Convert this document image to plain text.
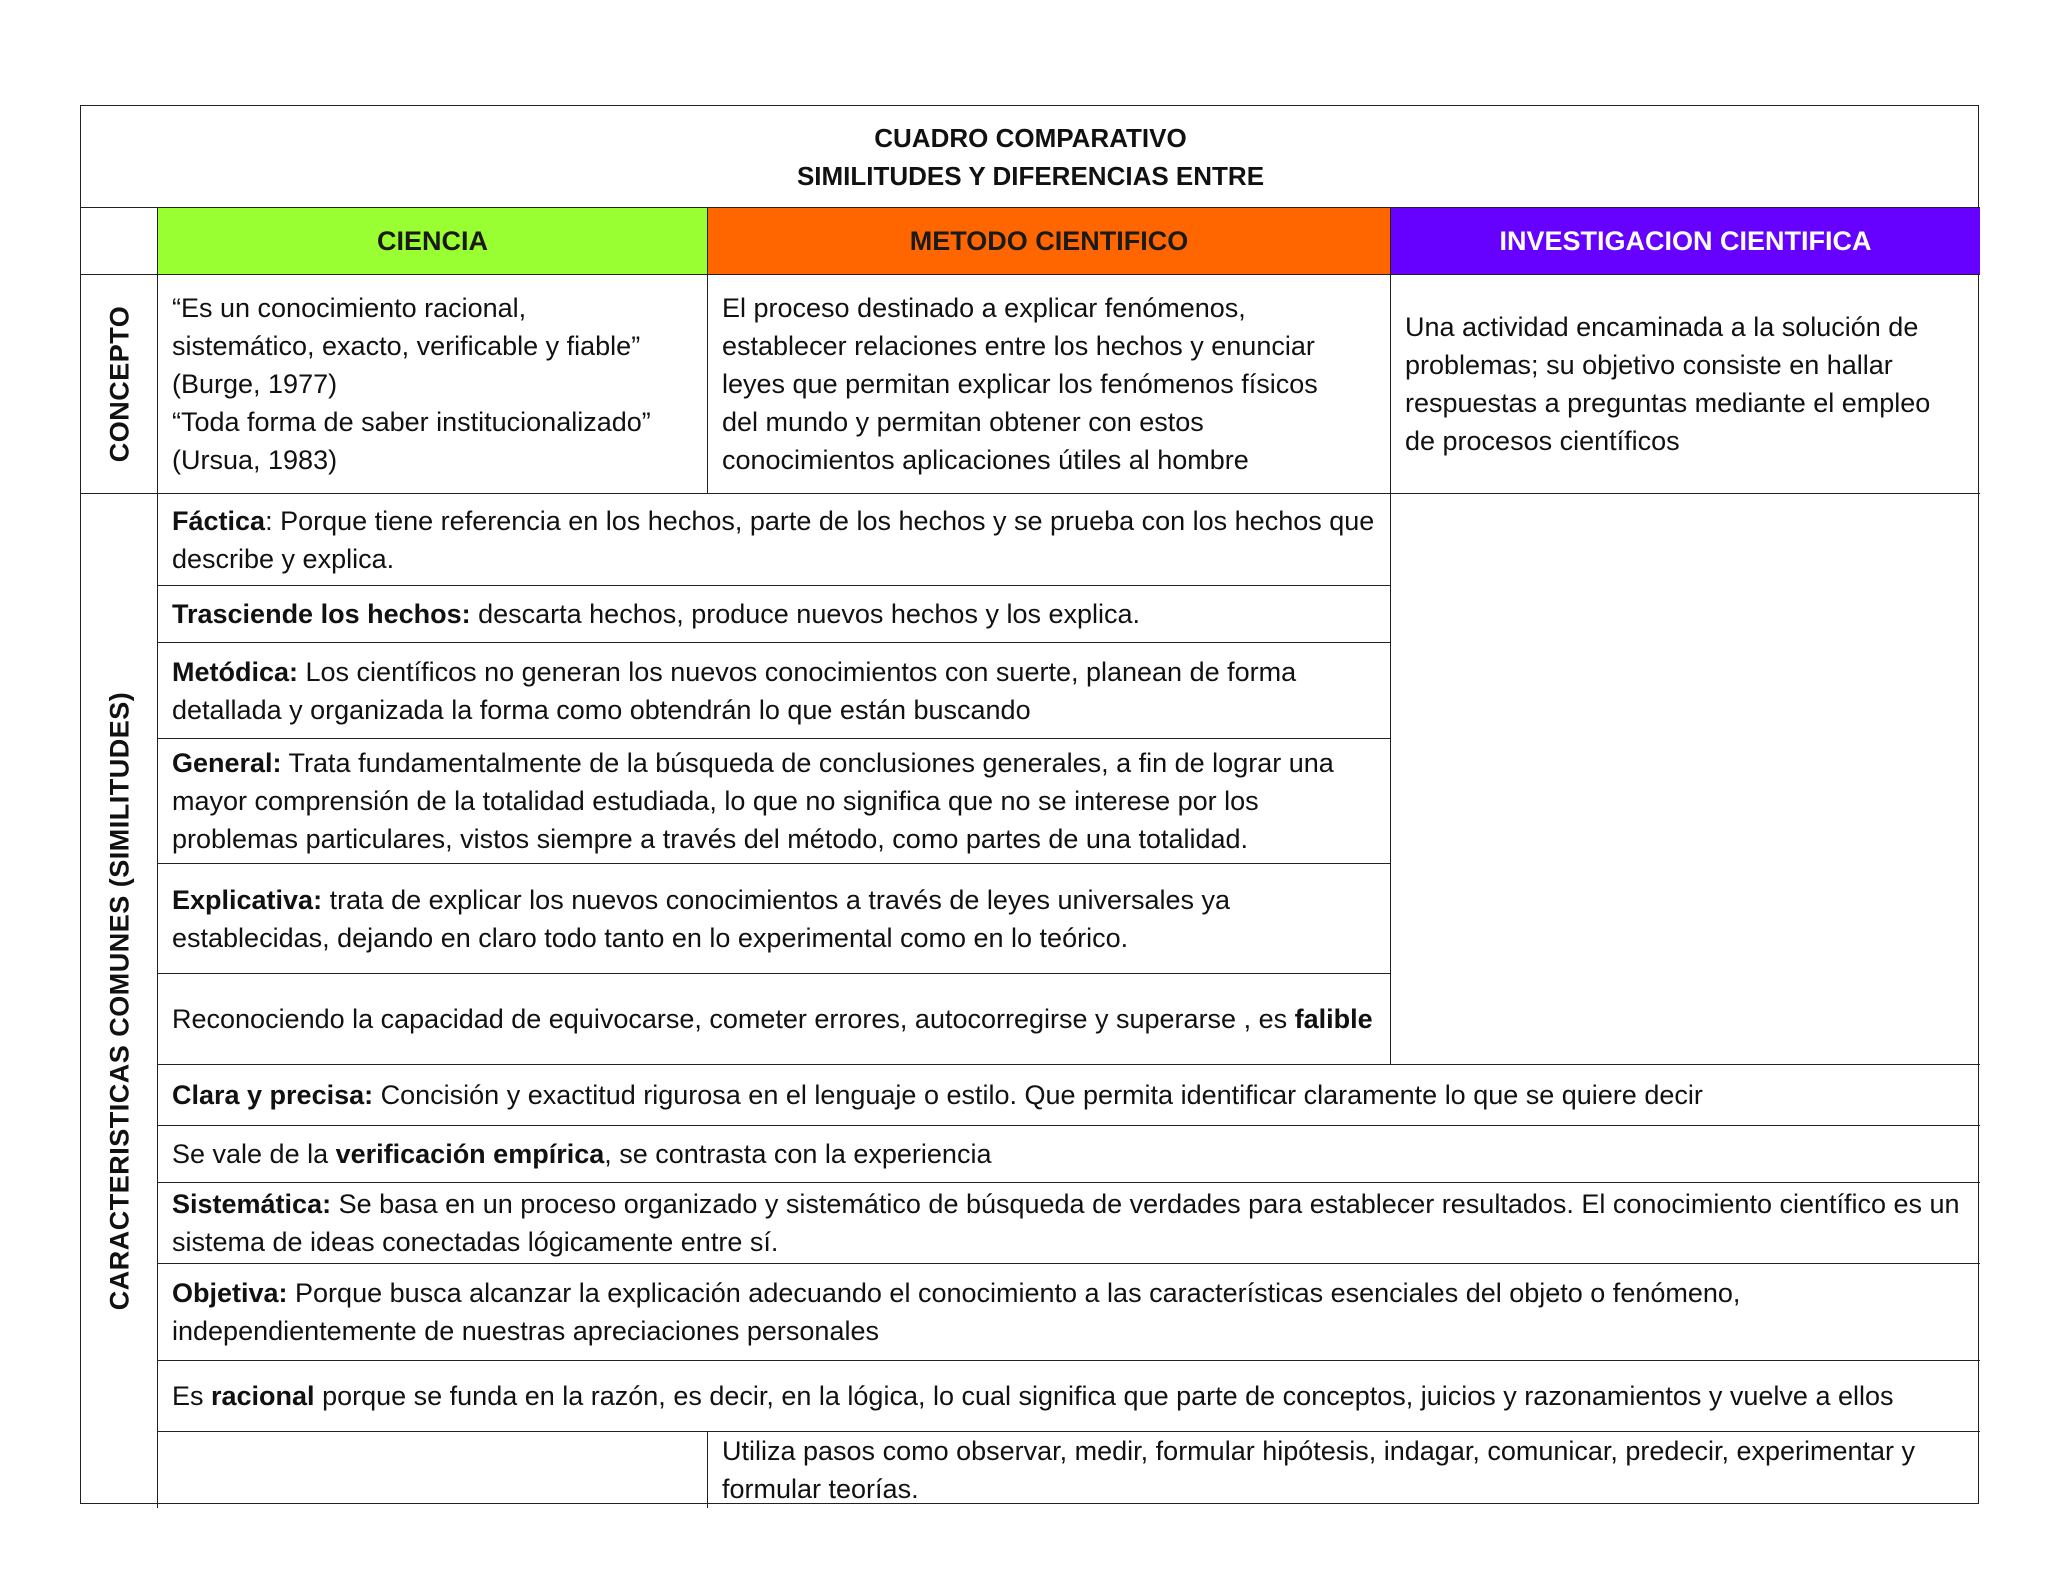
CUADRO COMPARATIVO
SIMILITUDES Y DIFERENCIAS ENTRE
CIENCIA	METODO CIENTIFICO	INVESTIGACION CIENTIFICA
CONCEPTO “Es un conocimiento racional,
sistemático, exacto, verificable y fiable”
(Burge, 1977)
“Toda forma de saber institucionalizado”
(Ursua, 1983)
El proceso destinado a explicar fenómenos,
establecer relaciones entre los hechos y enunciar
leyes que permitan explicar los fenómenos físicos
del mundo y permitan obtener con estos
conocimientos aplicaciones útiles al hombre
Una actividad encaminada a la solución de
problemas; su objetivo consiste en hallar
respuestas a preguntas mediante el empleo
de procesos científicos
CARACTERISTICAS COMUNES (SIMILITUDES)
Fáctica: Porque tiene referencia en los hechos, parte de los hechos y se prueba con los hechos que describe y explica.
Trasciende los hechos: descarta hechos, produce nuevos hechos y los explica.
Metódica: Los científicos no generan los nuevos conocimientos con suerte, planean de forma detallada y organizada la forma como obtendrán lo que están buscando
General: Trata fundamentalmente de la búsqueda de conclusiones generales, a fin de lograr una mayor comprensión de la totalidad estudiada, lo que no significa que no se interese por los problemas particulares, vistos siempre a través del método, como partes de una totalidad.
Explicativa: trata de explicar los nuevos conocimientos a través de leyes universales ya establecidas, dejando en claro todo tanto en lo experimental como en lo teórico.
Reconociendo la capacidad de equivocarse, cometer errores, autocorregirse y superarse , es falible
Clara y precisa: Concisión y exactitud rigurosa en el lenguaje o estilo. Que permita identificar claramente lo que se quiere decir
Se vale de la verificación empírica, se contrasta con la experiencia
Sistemática: Se basa en un proceso organizado y sistemático de búsqueda de verdades para establecer resultados. El conocimiento científico es un sistema de ideas conectadas lógicamente entre sí.
Objetiva: Porque busca alcanzar la explicación adecuando el conocimiento a las características esenciales del objeto o fenómeno, independientemente de nuestras apreciaciones personales
Es racional porque se funda en la razón, es decir, en la lógica, lo cual significa que parte de conceptos, juicios y razonamientos y vuelve a ellos
Utiliza pasos como observar, medir, formular hipótesis, indagar, comunicar, predecir, experimentar y formular teorías.
